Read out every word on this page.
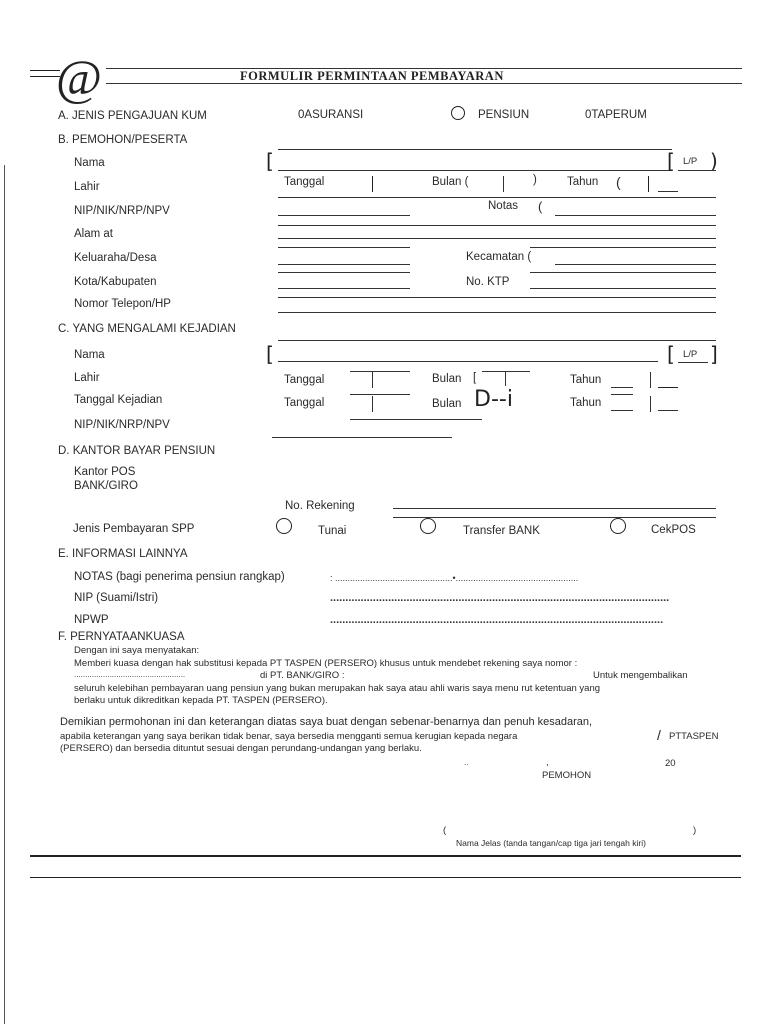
@	FORMULIR PERMINTAAN PEMBAYARAN
A. JENIS PENGAJUAN KUM	0ASURANSI	PENSIUN	0TAPERUM
B. PEMOHON/PESERTA
Nama	[	[ L/P )
Lahir	Tanggal	Bulan (	)	Tahun (
NIP/NIK/NRP/NPV	Notas (
Alam at
Keluaraha/Desa	Kecamatan (
Kota/Kabupaten	No. KTP
Nomor Telepon/HP
C. YANG MENGALAMI KEJADIAN
Nama	[	[ L/P ]
Lahir	Tanggal	Bulan [	Tahun
Tanggal Kejadian	Tanggal	Bulan D--i	Tahun
NIP/NIK/NRP/NPV
D. KANTOR BAYAR PENSIUN
Kantor POS
BANK/GIRO
No. Rekening
Jenis Pembayaran SPP	Tunai	Transfer BANK	CekPOS
E. INFORMASI LAINNYA
NOTAS (bagi penerima pensiun rangkap)	: ...............................................•.................................................
NIP (Suami/Istri)	...............................................................................................................
NPWP	.............................................................................................................
F. PERNYATAANKUASA
Dengan ini saya menyatakan:
Memberi kuasa dengan hak substitusi kepada PT TASPEN (PERSERO) khusus untuk mendebet rekening saya nomor :
..................................................	di PT. BANK/GIRO :	Untuk mengembalikan
seluruh kelebihan pembayaran uang pensiun yang bukan merupakan hak saya atau ahli waris saya menu rut ketentuan yang
berlaku untuk dikreditkan kepada PT. TASPEN (PERSERO).
Demikian permohonan ini dan keterangan diatas saya buat dengan sebenar-benarnya dan penuh kesadaran,
apabila keterangan yang saya berikan tidak benar, saya bersedia mengganti semua kerugian kepada negara	/ PTTASPEN
(PERSERO) dan bersedia dituntut sesuai dengan perundang-undangan yang berlaku.
..	,	20
PEMOHON
(	)
Nama Jelas (tanda tangan/cap tiga jari tengah kiri)
